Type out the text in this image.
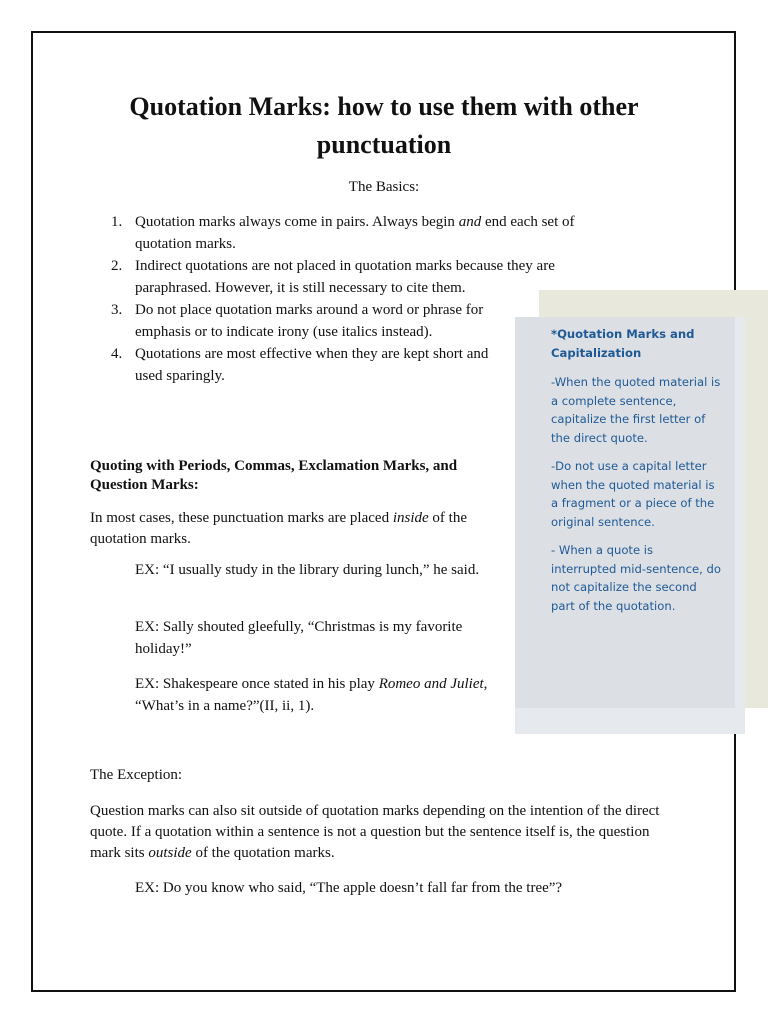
Quotation Marks: how to use them with other punctuation

The Basics:

1. Quotation marks always come in pairs. Always begin and end each set of quotation marks.
2. Indirect quotations are not placed in quotation marks because they are paraphrased. However, it is still necessary to cite them.
3. Do not place quotation marks around a word or phrase for emphasis or to indicate irony (use italics instead).
4. Quotations are most effective when they are kept short and used sparingly.

Quoting with Periods, Commas, Exclamation Marks, and Question Marks:

In most cases, these punctuation marks are placed inside of the quotation marks.

EX: “I usually study in the library during lunch,” he said.

EX: Sally shouted gleefully, “Christmas is my favorite holiday!”

EX: Shakespeare once stated in his play Romeo and Juliet, “What’s in a name?”(II, ii, 1).

The Exception:

Question marks can also sit outside of quotation marks depending on the intention of the direct quote. If a quotation within a sentence is not a question but the sentence itself is, the question mark sits outside of the quotation marks.

EX: Do you know who said, “The apple doesn’t fall far from the tree”?

*Quotation Marks and Capitalization

-When the quoted material is a complete sentence, capitalize the first letter of the direct quote.

-Do not use a capital letter when the quoted material is a fragment or a piece of the original sentence.

- When a quote is interrupted mid-sentence, do not capitalize the second part of the quotation.
